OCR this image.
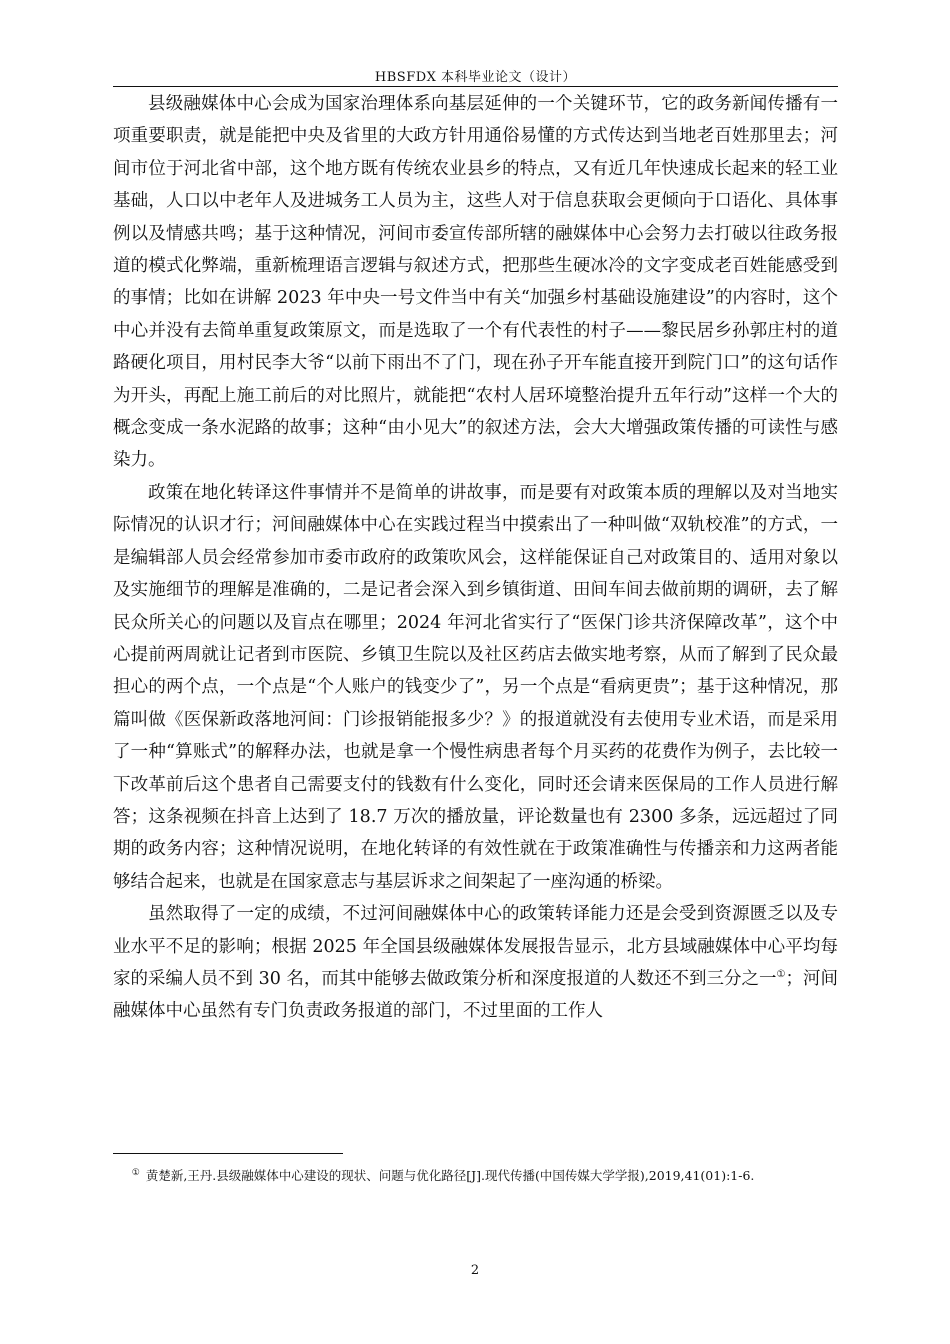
HBSFDX 本科毕业论文（设计）

县级融媒体中心会成为国家治理体系向基层延伸的一个关键环节，它的政务新闻传播有一项重要职责，就是能把中央及省里的大政方针用通俗易懂的方式传达到当地老百姓那里去；河间市位于河北省中部，这个地方既有传统农业县乡的特点，又有近几年快速成长起来的轻工业基础，人口以中老年人及进城务工人员为主，这些人对于信息获取会更倾向于口语化、具体事例以及情感共鸣；基于这种情况，河间市委宣传部所辖的融媒体中心会努力去打破以往政务报道的模式化弊端，重新梳理语言逻辑与叙述方式，把那些生硬冰冷的文字变成老百姓能感受到的事情；比如在讲解 2023 年中央一号文件当中有关“加强乡村基础设施建设”的内容时，这个中心并没有去简单重复政策原文，而是选取了一个有代表性的村子——黎民居乡孙郭庄村的道路硬化项目，用村民李大爷“以前下雨出不了门，现在孙子开车能直接开到院门口”的这句话作为开头，再配上施工前后的对比照片，就能把“农村人居环境整治提升五年行动”这样一个大的概念变成一条水泥路的故事；这种“由小见大”的叙述方法，会大大增强政策传播的可读性与感染力。

政策在地化转译这件事情并不是简单的讲故事，而是要有对政策本质的理解以及对当地实际情况的认识才行；河间融媒体中心在实践过程当中摸索出了一种叫做“双轨校准”的方式，一是编辑部人员会经常参加市委市政府的政策吹风会，这样能保证自己对政策目的、适用对象以及实施细节的理解是准确的，二是记者会深入到乡镇街道、田间车间去做前期的调研，去了解民众所关心的问题以及盲点在哪里；2024 年河北省实行了“医保门诊共济保障改革”，这个中心提前两周就让记者到市医院、乡镇卫生院以及社区药店去做实地考察，从而了解到了民众最担心的两个点，一个点是“个人账户的钱变少了”，另一个点是“看病更贵”；基于这种情况，那篇叫做《医保新政落地河间：门诊报销能报多少？》的报道就没有去使用专业术语，而是采用了一种“算账式”的解释办法，也就是拿一个慢性病患者每个月买药的花费作为例子，去比较一下改革前后这个患者自己需要支付的钱数有什么变化，同时还会请来医保局的工作人员进行解答；这条视频在抖音上达到了 18.7 万次的播放量，评论数量也有 2300 多条，远远超过了同期的政务内容；这种情况说明，在地化转译的有效性就在于政策准确性与传播亲和力这两者能够结合起来，也就是在国家意志与基层诉求之间架起了一座沟通的桥梁。

虽然取得了一定的成绩，不过河间融媒体中心的政策转译能力还是会受到资源匮乏以及专业水平不足的影响；根据 2025 年全国县级融媒体发展报告显示，北方县域融媒体中心平均每家的采编人员不到 30 名，而其中能够去做政策分析和深度报道的人数还不到三分之一①；河间融媒体中心虽然有专门负责政务报道的部门，不过里面的工作人

① 黄楚新,王丹.县级融媒体中心建设的现状、问题与优化路径[J].现代传播(中国传媒大学学报),2019,41(01):1-6.
2
